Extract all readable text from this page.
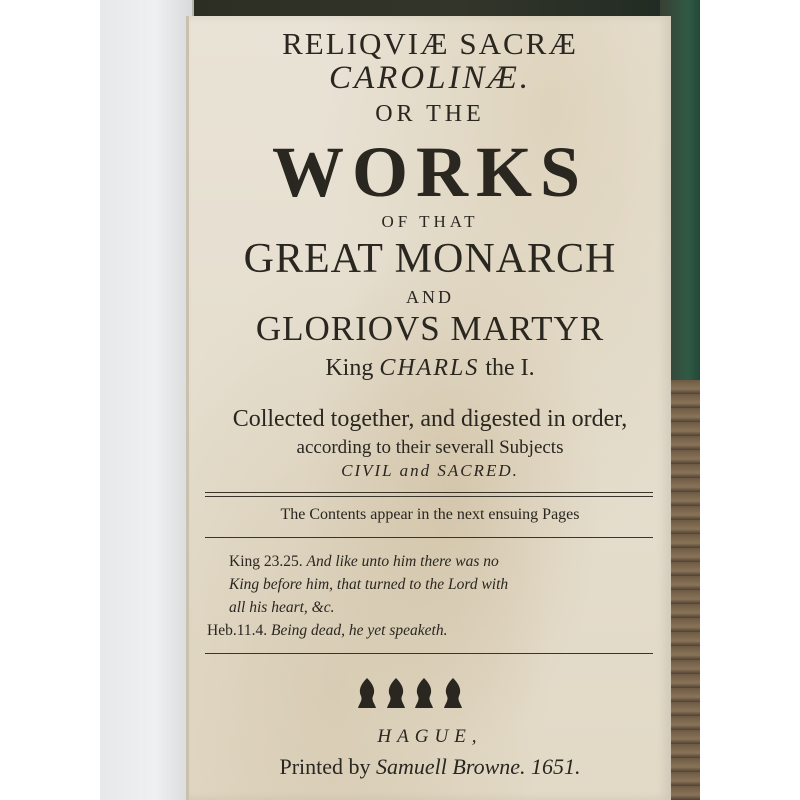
RELIQVIÆ SACRÆ
CAROLINÆ.
OR THE
WORKS
OF THAT
GREAT MONARCH
AND
GLORIOVS MARTYR
King CHARLS the I.
Collected together, and digested in order,
according to their severall Subjects
CIVIL and SACRED.
The Contents appear in the next ensuing Pages
King 23.25. And like unto him there was no
King before him, that turned to the Lord with
all his heart, &c.
Heb.11.4. Being dead, he yet speaketh.
HAGUE,
Printed by Samuell Browne. 1651.
